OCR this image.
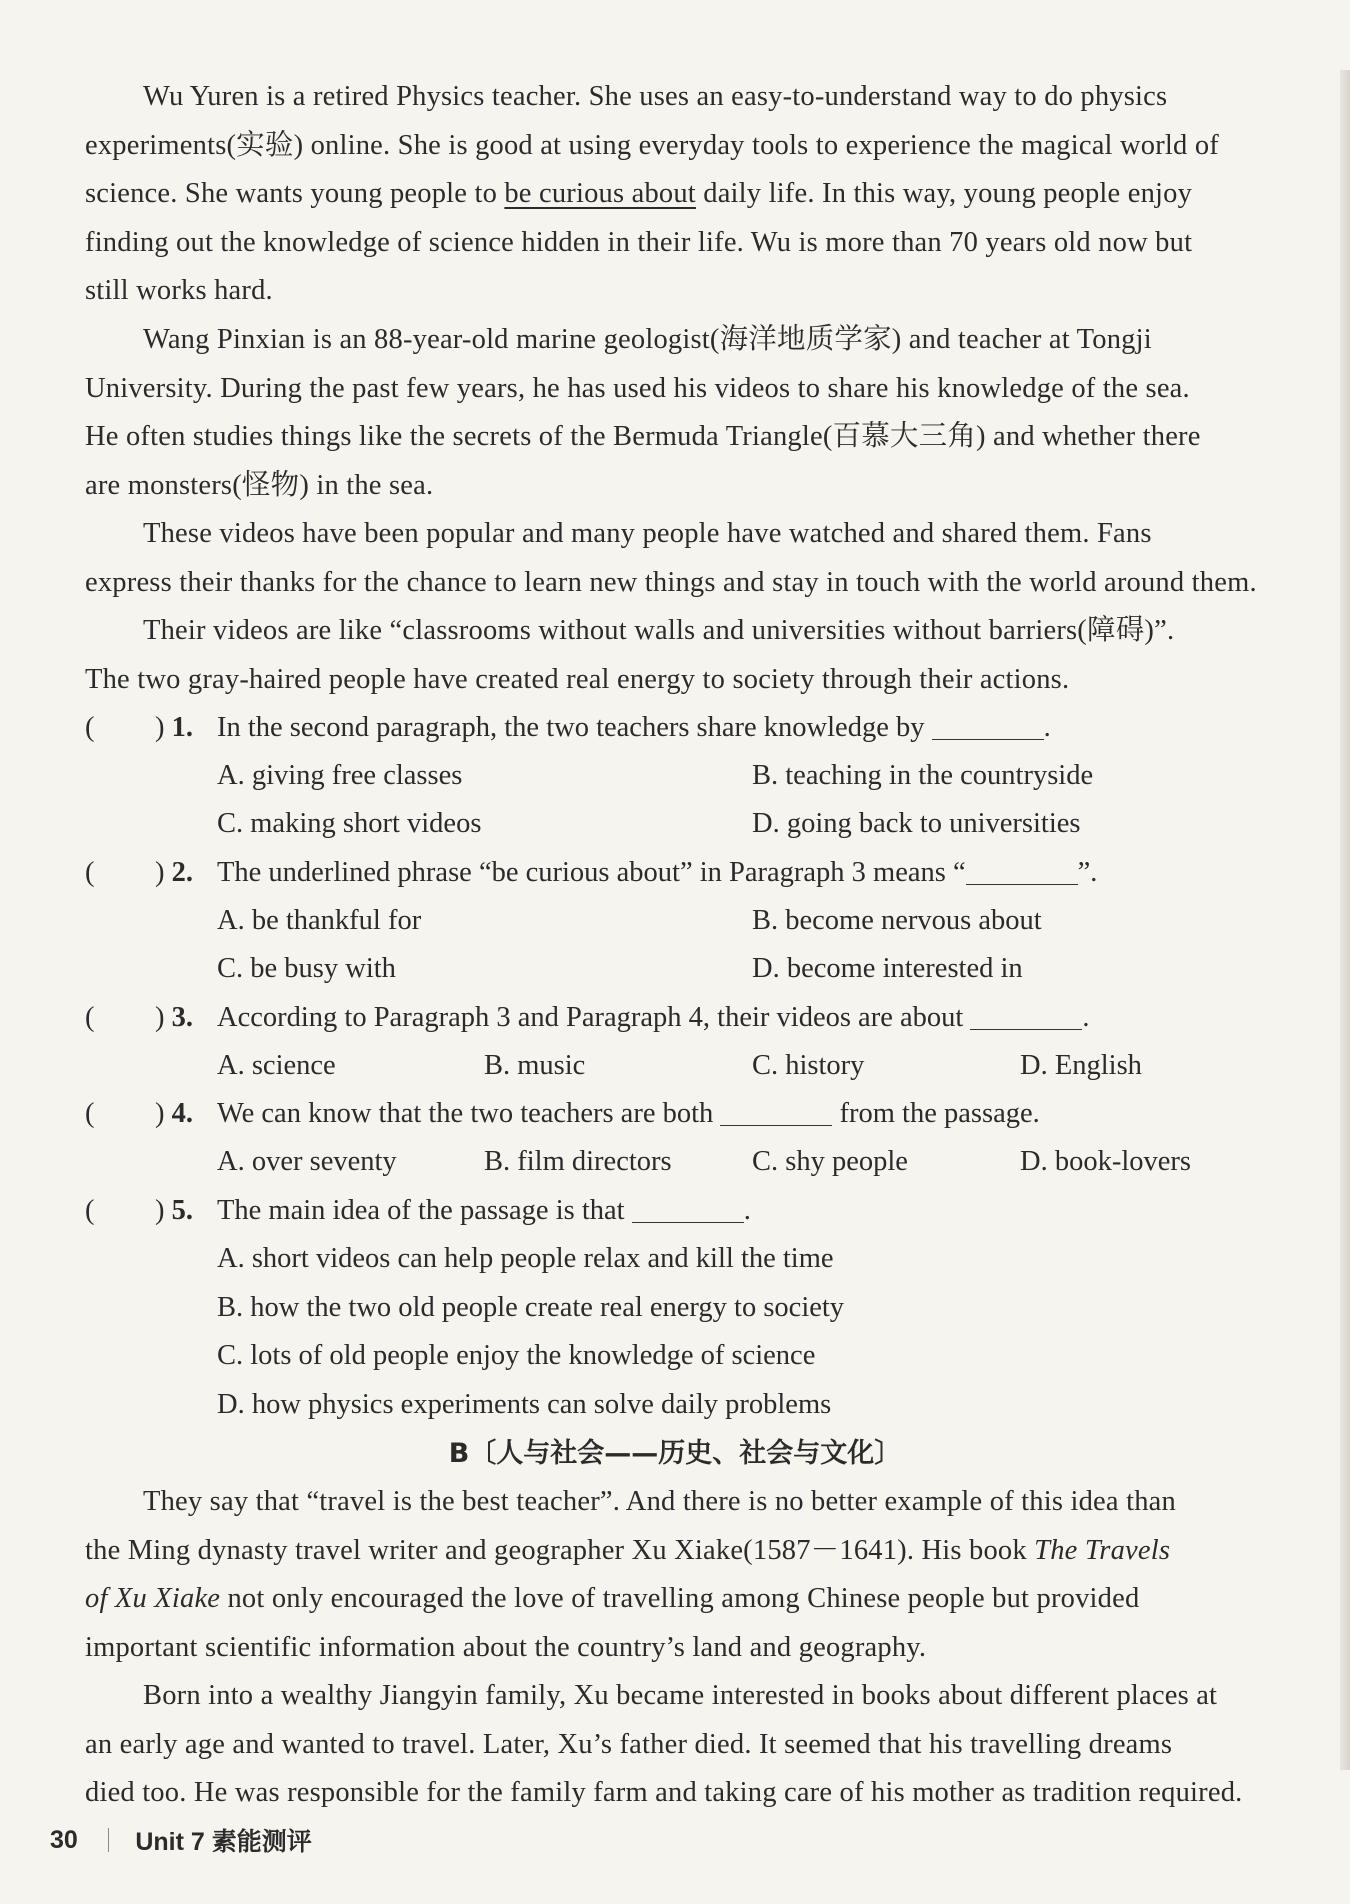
Wu Yuren is a retired Physics teacher. She uses an easy-to-understand way to do physics
experiments(实验) online. She is good at using everyday tools to experience the magical world of
science. She wants young people to be curious about daily life. In this way, young people enjoy
finding out the knowledge of science hidden in their life. Wu is more than 70 years old now but
still works hard.
Wang Pinxian is an 88-year-old marine geologist(海洋地质学家) and teacher at Tongji
University. During the past few years, he has used his videos to share his knowledge of the sea.
He often studies things like the secrets of the Bermuda Triangle(百慕大三角) and whether there
are monsters(怪物) in the sea.
These videos have been popular and many people have watched and shared them. Fans
express their thanks for the chance to learn new things and stay in touch with the world around them.
Their videos are like “classrooms without walls and universities without barriers(障碍)”.
The two gray-haired people have created real energy to society through their actions.
( ) 1. In the second paragraph, the two teachers share knowledge by	.
A. giving free classes	B. teaching in the countryside
C. making short videos	D. going back to universities
( ) 2. The underlined phrase “be curious about” in Paragraph 3 means “	”.
A. be thankful for	B. become nervous about
C. be busy with	D. become interested in
( ) 3. According to Paragraph 3 and Paragraph 4, their videos are about	.
A. science	B. music	C. history	D. English
( ) 4. We can know that the two teachers are both	from the passage.
A. over seventy	B. film directors	C. shy people	D. book-lovers
( ) 5. The main idea of the passage is that	.
A. short videos can help people relax and kill the time
B. how the two old people create real energy to society
C. lots of old people enjoy the knowledge of science
D. how physics experiments can solve daily problems
B〔人与社会——历史、社会与文化〕
They say that “travel is the best teacher”. And there is no better example of this idea than
the Ming dynasty travel writer and geographer Xu Xiake(1587－1641). His book The Travels
of Xu Xiake not only encouraged the love of travelling among Chinese people but provided
important scientific information about the country’s land and geography.
Born into a wealthy Jiangyin family, Xu became interested in books about different places at
an early age and wanted to travel. Later, Xu’s father died. It seemed that his travelling dreams
died too. He was responsible for the family farm and taking care of his mother as tradition required.
30 Unit 7 素能测评
